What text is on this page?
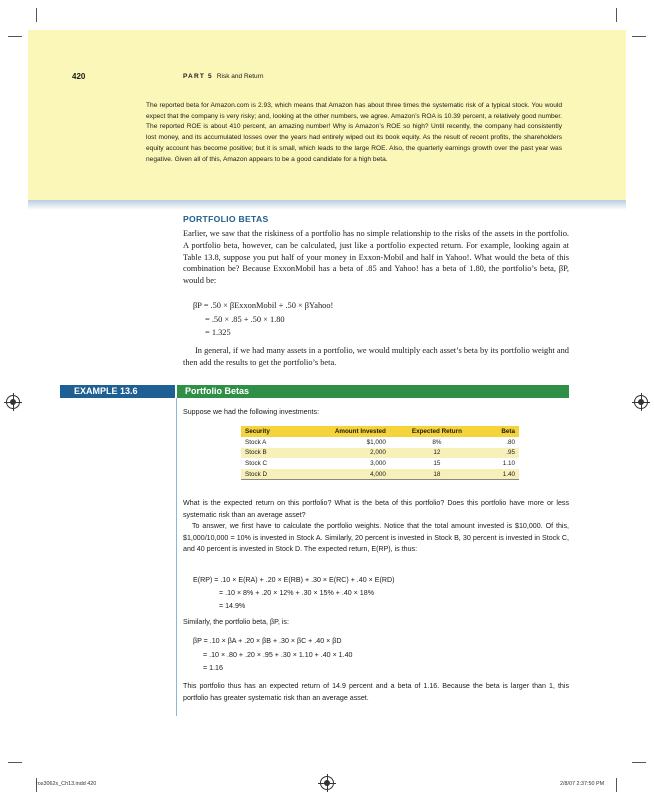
420	PART 5 Risk and Return
The reported beta for Amazon.com is 2.93, which means that Amazon has about three times the systematic risk of a typical stock. You would expect that the company is very risky; and, looking at the other numbers, we agree. Amazon’s ROA is 10.39 percent, a relatively good number. The reported ROE is about 410 percent, an amazing number! Why is Amazon’s ROE so high? Until recently, the company had consistently lost money, and its accumulated losses over the years had entirely wiped out its book equity. As the result of recent profits, the shareholders equity account has become positive; but it is small, which leads to the large ROE. Also, the quarterly earnings growth over the past year was negative. Given all of this, Amazon appears to be a good candidate for a high beta.
PORTFOLIO BETAS
Earlier, we saw that the riskiness of a portfolio has no simple relationship to the risks of the assets in the portfolio. A portfolio beta, however, can be calculated, just like a portfolio expected return. For example, looking again at Table 13.8, suppose you put half of your money in Exxon-Mobil and half in Yahoo!. What would the beta of this combination be? Because ExxonMobil has a beta of .85 and Yahoo! has a beta of 1.80, the portfolio’s beta, βP, would be:
βP = .50 × βExxonMobil + .50 × βYahoo!
= .50 × .85 + .50 × 1.80
= 1.325
In general, if we had many assets in a portfolio, we would multiply each asset’s beta by its portfolio weight and then add the results to get the portfolio’s beta.
EXAMPLE 13.6	Portfolio Betas
Suppose we had the following investments:
Security	Amount Invested	Expected Return	Beta
Stock A	$1,000	8%	.80
Stock B	2,000	12	.95
Stock C	3,000	15	1.10
Stock D	4,000	18	1.40
What is the expected return on this portfolio? What is the beta of this portfolio? Does this portfolio have more or less systematic risk than an average asset?
To answer, we first have to calculate the portfolio weights. Notice that the total amount invested is $10,000. Of this, $1,000/10,000 = 10% is invested in Stock A. Similarly, 20 percent is invested in Stock B, 30 percent is invested in Stock C, and 40 percent is invested in Stock D. The expected return, E(RP), is thus:
E(RP) = .10 × E(RA) + .20 × E(RB) + .30 × E(RC) + .40 × E(RD)
= .10 × 8% + .20 × 12% + .30 × 15% + .40 × 18%
= 14.9%
Similarly, the portfolio beta, βP, is:
βP = .10 × βA + .20 × βB + .30 × βC + .40 × βD
= .10 × .80 + .20 × .95 + .30 × 1.10 + .40 × 1.40
= 1.16
This portfolio thus has an expected return of 14.9 percent and a beta of 1.16. Because the beta is larger than 1, this portfolio has greater systematic risk than an average asset.
ros3062x_Ch13.indd 420	2/8/07 2:37:50 PM
